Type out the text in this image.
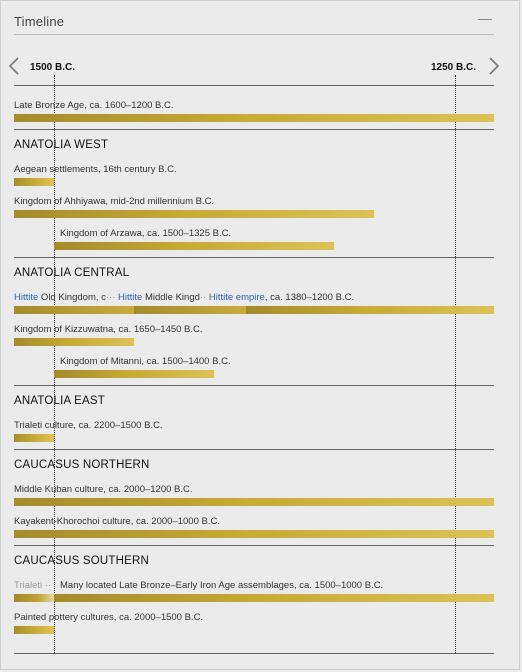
Timeline
1500 B.C.	1250 B.C.
Late Bronze Age, ca. 1600–1200 B.C.
ANATOLIA WEST
Aegean settlements, 16th century B.C.
Kingdom of Ahhiyawa, mid-2nd millennium B.C.
Kingdom of Arzawa, ca. 1500–1325 B.C.
ANATOLIA CENTRAL
Hittite Old Kingdom, c··· Hittite Middle Kingd·· Hittite empire, ca. 1380–1200 B.C.
Kingdom of Kizzuwatna, ca. 1650–1450 B.C.
Kingdom of Mitanni, ca. 1500–1400 B.C.
ANATOLIA EAST
Trialeti culture, ca. 2200–1500 B.C.
CAUCASUS NORTHERN
Middle Kuban culture, ca. 2000–1200 B.C.
Kayakent-Khorochoi culture, ca. 2000–1000 B.C.
CAUCASUS SOUTHERN
Trialeti ·· Many located Late Bronze–Early Iron Age assemblages, ca. 1500–1000 B.C.
Painted pottery cultures, ca. 2000–1500 B.C.
